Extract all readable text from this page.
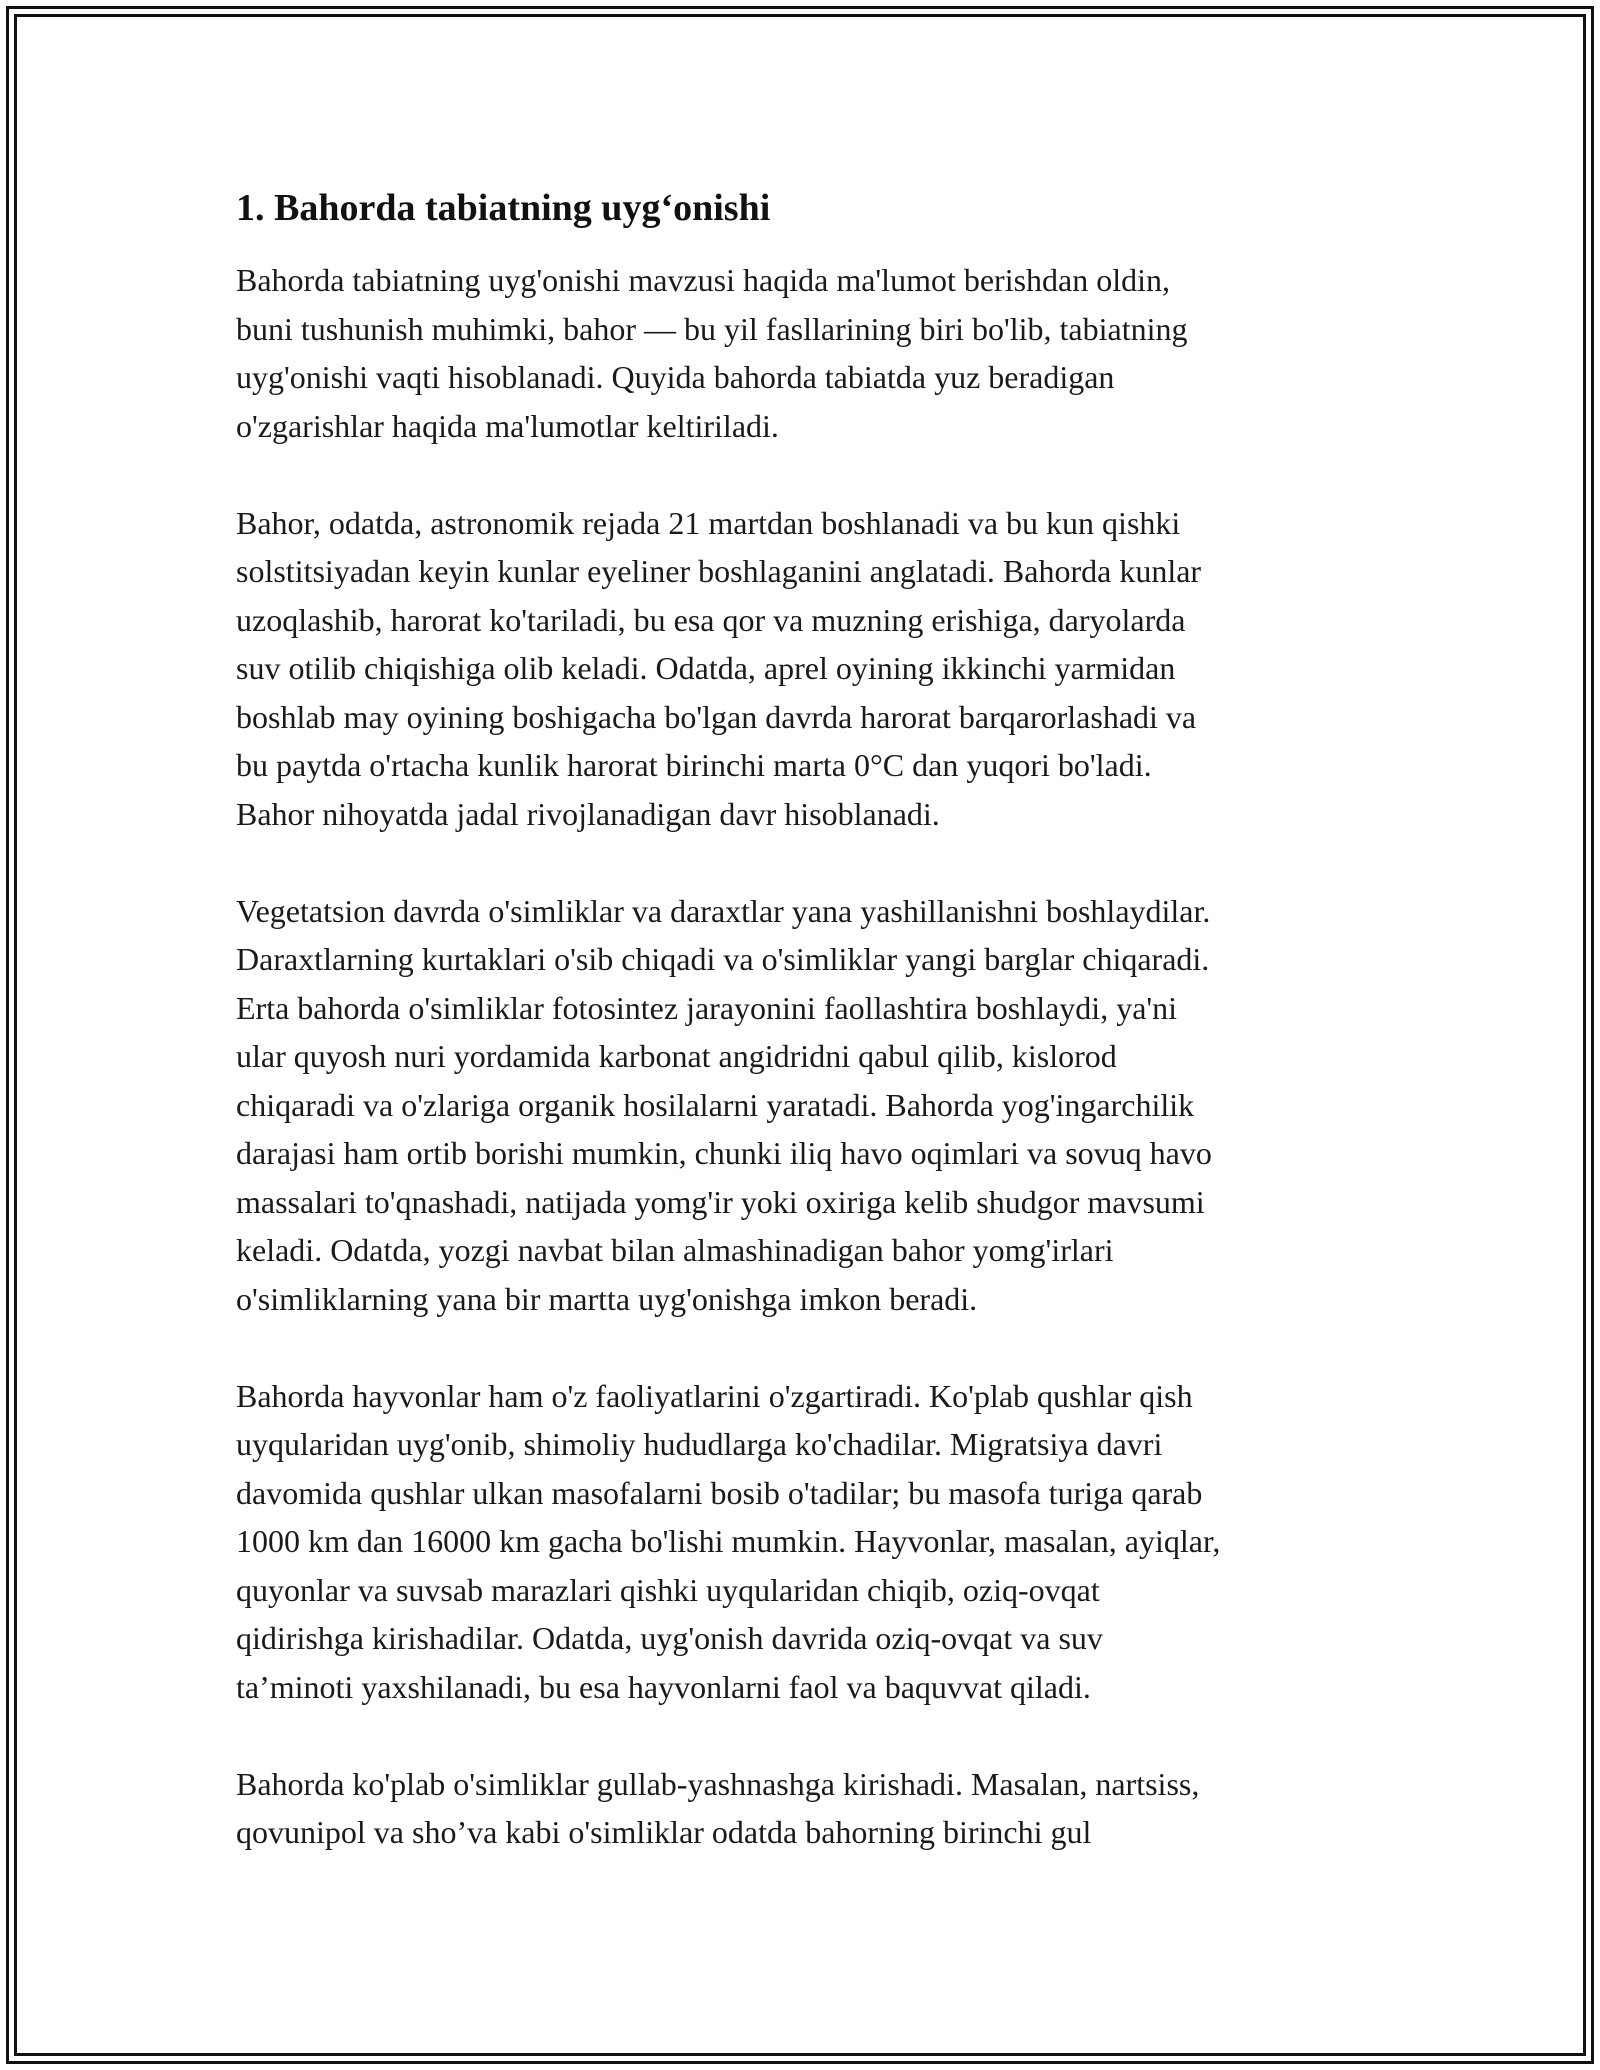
1. Bahorda tabiatning uyg‘onishi

Bahorda tabiatning uyg'onishi mavzusi haqida ma'lumot berishdan oldin,
buni tushunish muhimki, bahor — bu yil fasllarining biri bo'lib, tabiatning
uyg'onishi vaqti hisoblanadi. Quyida bahorda tabiatda yuz beradigan
o'zgarishlar haqida ma'lumotlar keltiriladi.

Bahor, odatda, astronomik rejada 21 martdan boshlanadi va bu kun qishki
solstitsiyadan keyin kunlar eyeliner boshlaganini anglatadi. Bahorda kunlar
uzoqlashib, harorat ko'tariladi, bu esa qor va muzning erishiga, daryolarda
suv otilib chiqishiga olib keladi. Odatda, aprel oyining ikkinchi yarmidan
boshlab may oyining boshigacha bo'lgan davrda harorat barqarorlashadi va
bu paytda o'rtacha kunlik harorat birinchi marta 0°C dan yuqori bo'ladi.
Bahor nihoyatda jadal rivojlanadigan davr hisoblanadi.

Vegetatsion davrda o'simliklar va daraxtlar yana yashillanishni boshlaydilar.
Daraxtlarning kurtaklari o'sib chiqadi va o'simliklar yangi barglar chiqaradi.
Erta bahorda o'simliklar fotosintez jarayonini faollashtira boshlaydi, ya'ni
ular quyosh nuri yordamida karbonat angidridni qabul qilib, kislorod
chiqaradi va o'zlariga organik hosilalarni yaratadi. Bahorda yog'ingarchilik
darajasi ham ortib borishi mumkin, chunki iliq havo oqimlari va sovuq havo
massalari to'qnashadi, natijada yomg'ir yoki oxiriga kelib shudgor mavsumi
keladi. Odatda, yozgi navbat bilan almashinadigan bahor yomg'irlari
o'simliklarning yana bir martta uyg'onishga imkon beradi.

Bahorda hayvonlar ham o'z faoliyatlarini o'zgartiradi. Ko'plab qushlar qish
uyqularidan uyg'onib, shimoliy hududlarga ko'chadilar. Migratsiya davri
davomida qushlar ulkan masofalarni bosib o'tadilar; bu masofa turiga qarab
1000 km dan 16000 km gacha bo'lishi mumkin. Hayvonlar, masalan, ayiqlar,
quyonlar va suvsab marazlari qishki uyqularidan chiqib, oziq-ovqat
qidirishga kirishadilar. Odatda, uyg'onish davrida oziq-ovqat va suv
ta’minoti yaxshilanadi, bu esa hayvonlarni faol va baquvvat qiladi.

Bahorda ko'plab o'simliklar gullab-yashnashga kirishadi. Masalan, nartsiss,
qovunipol va sho’va kabi o'simliklar odatda bahorning birinchi gul
